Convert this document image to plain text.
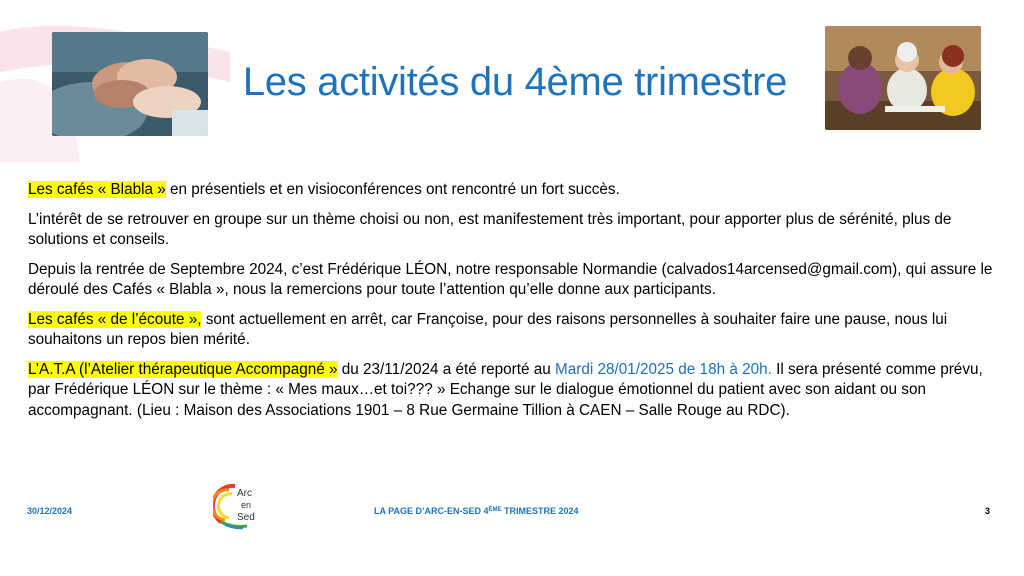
Les activités du 4ème trimestre

Les cafés « Blabla » en présentiels et en visioconférences ont rencontré un fort succès.

L’intérêt de se retrouver en groupe sur un thème choisi ou non, est manifestement très important, pour apporter plus de sérénité, plus de solutions et conseils.

Depuis la rentrée de Septembre 2024, c’est Frédérique LÉON, notre responsable Normandie (calvados14arcensed@gmail.com), qui assure le déroulé des Cafés « Blabla », nous la remercions pour toute l’attention qu’elle donne aux participants.

Les cafés « de l’écoute », sont actuellement en arrêt, car Françoise, pour des raisons personnelles à souhaiter faire une pause, nous lui souhaitons un repos bien mérité.

L’A.T.A (l’Atelier thérapeutique Accompagné » du 23/11/2024 a été reporté au Mardi 28/01/2025 de 18h à 20h. Il sera présenté comme prévu, par Frédérique LÉON sur le thème : « Mes maux…et toi??? » Echange sur le dialogue émotionnel du patient avec son aidant ou son accompagnant. (Lieu : Maison des Associations 1901 – 8 Rue Germaine Tillion à CAEN – Salle Rouge au RDC).

30/12/2024
Arc
en
Sed
LA PAGE D’ARC-EN-SED 4ÈME TRIMESTRE 2024	3
